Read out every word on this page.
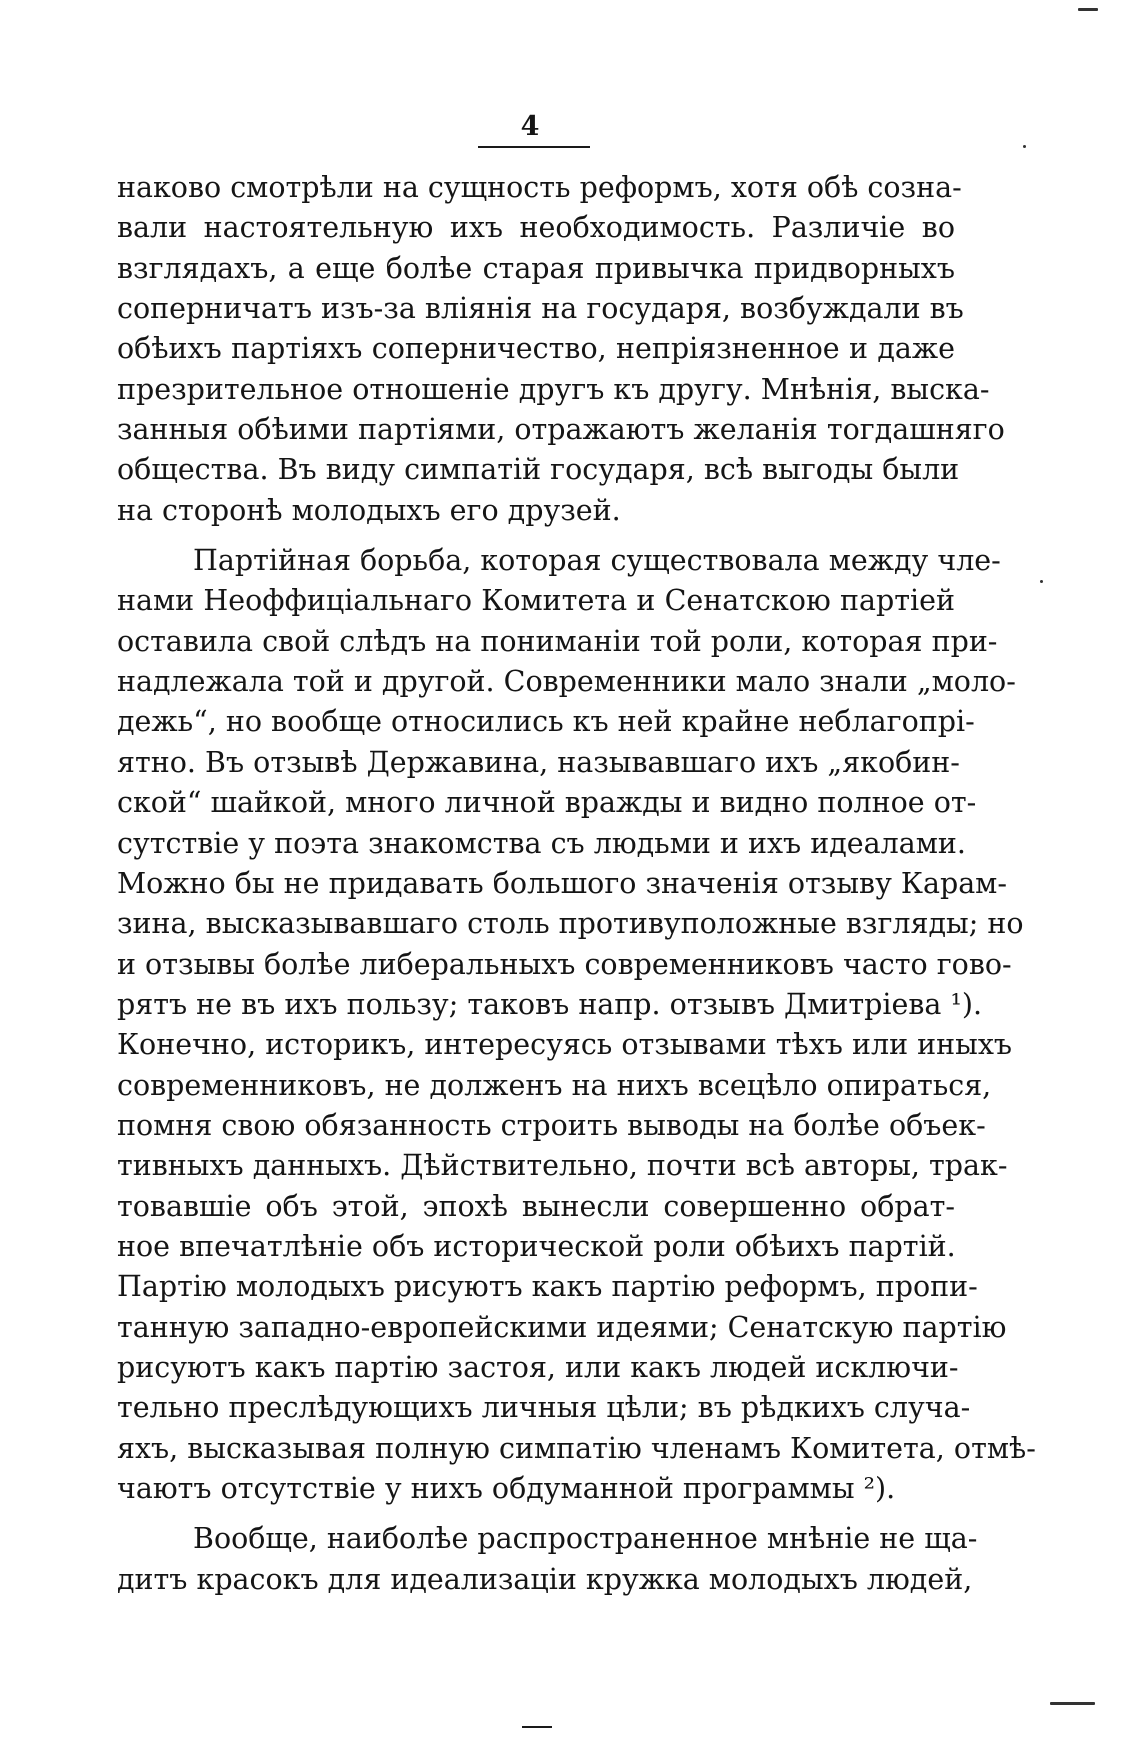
4
наково смотрѣли на сущность реформъ, хотя обѣ созна-
вали настоятельную ихъ необходимость. Различіе во
взглядахъ, а еще болѣе старая привычка придворныхъ
соперничатъ изъ-за вліянія на государя, возбуждали въ
обѣихъ партіяхъ соперничество, непріязненное и даже
презрительное отношеніе другъ къ другу. Мнѣнія, выска-
занныя обѣими партіями, отражаютъ желанія тогдашняго
общества. Въ виду симпатій государя, всѣ выгоды были
на сторонѣ молодыхъ его друзей.
Партійная борьба, которая существовала между чле-
нами Неоффиціальнаго Комитета и Сенатскою партіей
оставила свой слѣдъ на пониманіи той роли, которая при-
надлежала той и другой. Современники мало знали „моло-
дежь“, но вообще относились къ ней крайне неблагопрі-
ятно. Въ отзывѣ Державина, называвшаго ихъ „якобин-
ской“ шайкой, много личной вражды и видно полное от-
сутствіе у поэта знакомства съ людьми и ихъ идеалами.
Можно бы не придавать большого значенія отзыву Карам-
зина, высказывавшаго столь противуположные взгляды; но
и отзывы болѣе либеральныхъ современниковъ часто гово-
рятъ не въ ихъ пользу; таковъ напр. отзывъ Дмитріева ¹).
Конечно, историкъ, интересуясь отзывами тѣхъ или иныхъ
современниковъ, не долженъ на нихъ всецѣло опираться,
помня свою обязанность строить выводы на болѣе объек-
тивныхъ данныхъ. Дѣйствительно, почти всѣ авторы, трак-
товавшіе объ этой, эпохѣ вынесли совершенно обрат-
ное впечатлѣніе объ исторической роли обѣихъ партій.
Партію молодыхъ рисуютъ какъ партію реформъ, пропи-
танную западно-европейскими идеями; Сенатскую партію
рисуютъ какъ партію застоя, или какъ людей исключи-
тельно преслѣдующихъ личныя цѣли; въ рѣдкихъ случа-
яхъ, высказывая полную симпатію членамъ Комитета, отмѣ-
чаютъ отсутствіе у нихъ обдуманной программы ²).
Вообще, наиболѣе распространенное мнѣніе не ща-
дитъ красокъ для идеализаціи кружка молодыхъ людей,
